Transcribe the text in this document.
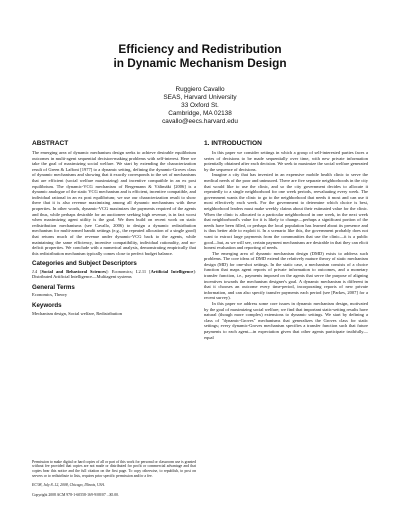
Efficiency and Redistribution
in Dynamic Mechanism Design
Ruggiero Cavallo
SEAS, Harvard University
33 Oxford St.
Cambridge, MA 02138
cavallo@eecs.harvard.edu
ABSTRACT

The emerging area of dynamic mechanism design seeks to achieve desirable equilibrium outcomes in multi-agent sequential decision-making problems with self-interest. Here we take the goal of maximizing social welfare. We start by extending the characterization result of Green & Laffont [1977] to a dynamic setting, defining the dynamic-Groves class of dynamic mechanisms and showing that it exactly corresponds to the set of mechanisms that are efficient (social welfare maximizing) and incentive compatible in an ex post equilibrium. The dynamic-VCG mechanism of Bergemann & Välimäki [2006] is a dynamic analogue of the static VCG mechanism and is efficient, incentive compatible, and individual rational in an ex post equilibrium; we use our characterization result to show there that it is also revenue maximizing among all dynamic mechanisms with these properties. In other words, dynamic-VCG maximizes the payments required of the agents and thus, while perhaps desirable for an auctioneer seeking high revenue, is in fact worst when maximizing agent utility is the goal. We then build on recent work on static redistribution mechanisms (see Cavallo, 2006) to design a dynamic redistribution mechanism for multi-armed bandit settings (e.g., the repeated allocation of a single good) that returns much of the revenue under dynamic-VCG back to the agents, while maintaining the same efficiency, incentive compatibility, individual rationality, and no-deficit properties. We conclude with a numerical analysis, demonstrating empirically that this redistribution mechanism typically comes close to perfect budget balance.

Categories and Subject Descriptors

J.4 [Social and Behavioral Sciences]: Economics; I.2.11 [Artificial Intelligence]: Distributed Artificial Intelligence—Multiagent systems

General Terms

Economics, Theory

Keywords

Mechanism design, Social welfare, Redistribution

Permission to make digital or hard copies of all or part of this work for personal or classroom use is granted without fee provided that copies are not made or distributed for profit or commercial advantage and that copies bear this notice and the full citation on the first page. To copy otherwise, to republish, to post on servers or to redistribute to lists, requires prior specific permission and/or a fee.

EC'08, July 8–12, 2008, Chicago, Illinois, USA.

Copyright 2008 ACM 978-1-60558-169-9/08/07 ...$5.00.

1. INTRODUCTION

In this paper we consider settings in which a group of self-interested parties faces a series of decisions to be made sequentially over time, with new private information potentially obtained after each decision. We seek to maximize the social welfare generated by the sequence of decisions.

Imagine a city that has invested in an expensive mobile health clinic to serve the medical needs of the poor and uninsured. There are five separate neighborhoods in the city that would like to use the clinic, and so the city government decides to allocate it repeatedly to a single neighborhood for one week periods, reevaluating every week. The government wants the clinic to go to the neighborhood that needs it most and can use it most effectively each week. For the government to determine which choice is best, neighborhood leaders must make weekly claims about their estimated value for the clinic. When the clinic is allocated to a particular neighborhood in one week, in the next week that neighborhood's value for it is likely to change—perhaps a significant portion of the needs have been filled, or perhaps the local population has learned about its presence and is thus better able to exploit it. In a scenario like this, the government probably does not want to extract large payments from the communities that use the clinic—it is a public good—but, as we will see, certain payment mechanisms are desirable in that they can elicit honest evaluation and reporting of needs.

The emerging area of dynamic mechanism design (DMD) exists to address such problems. The core ideas of DMD extend the relatively mature theory of static mechanism design (MD) for one-shot settings. In the static case, a mechanism consists of a choice function that maps agent reports of private information to outcomes, and a monetary transfer function, i.e., payments imposed on the agents that serve the purpose of aligning incentives towards the mechanism designer's goal. A dynamic mechanism is different in that it chooses an outcome every time-period, incorporating reports of new private information, and can also specify transfer payments each period (see [Parkes, 2007] for a recent survey).

In this paper we address some core issues in dynamic mechanism design, motivated by the goal of maximizing social welfare; we find that important static-setting results have natural (though more complex) extensions to dynamic settings. We start by defining a class of "dynamic-Groves" mechanisms that generalizes the Groves class for static settings; every dynamic-Groves mechanism specifies a transfer function such that future payments to each agent—in expectation given that other agents participate truthfully—equal
